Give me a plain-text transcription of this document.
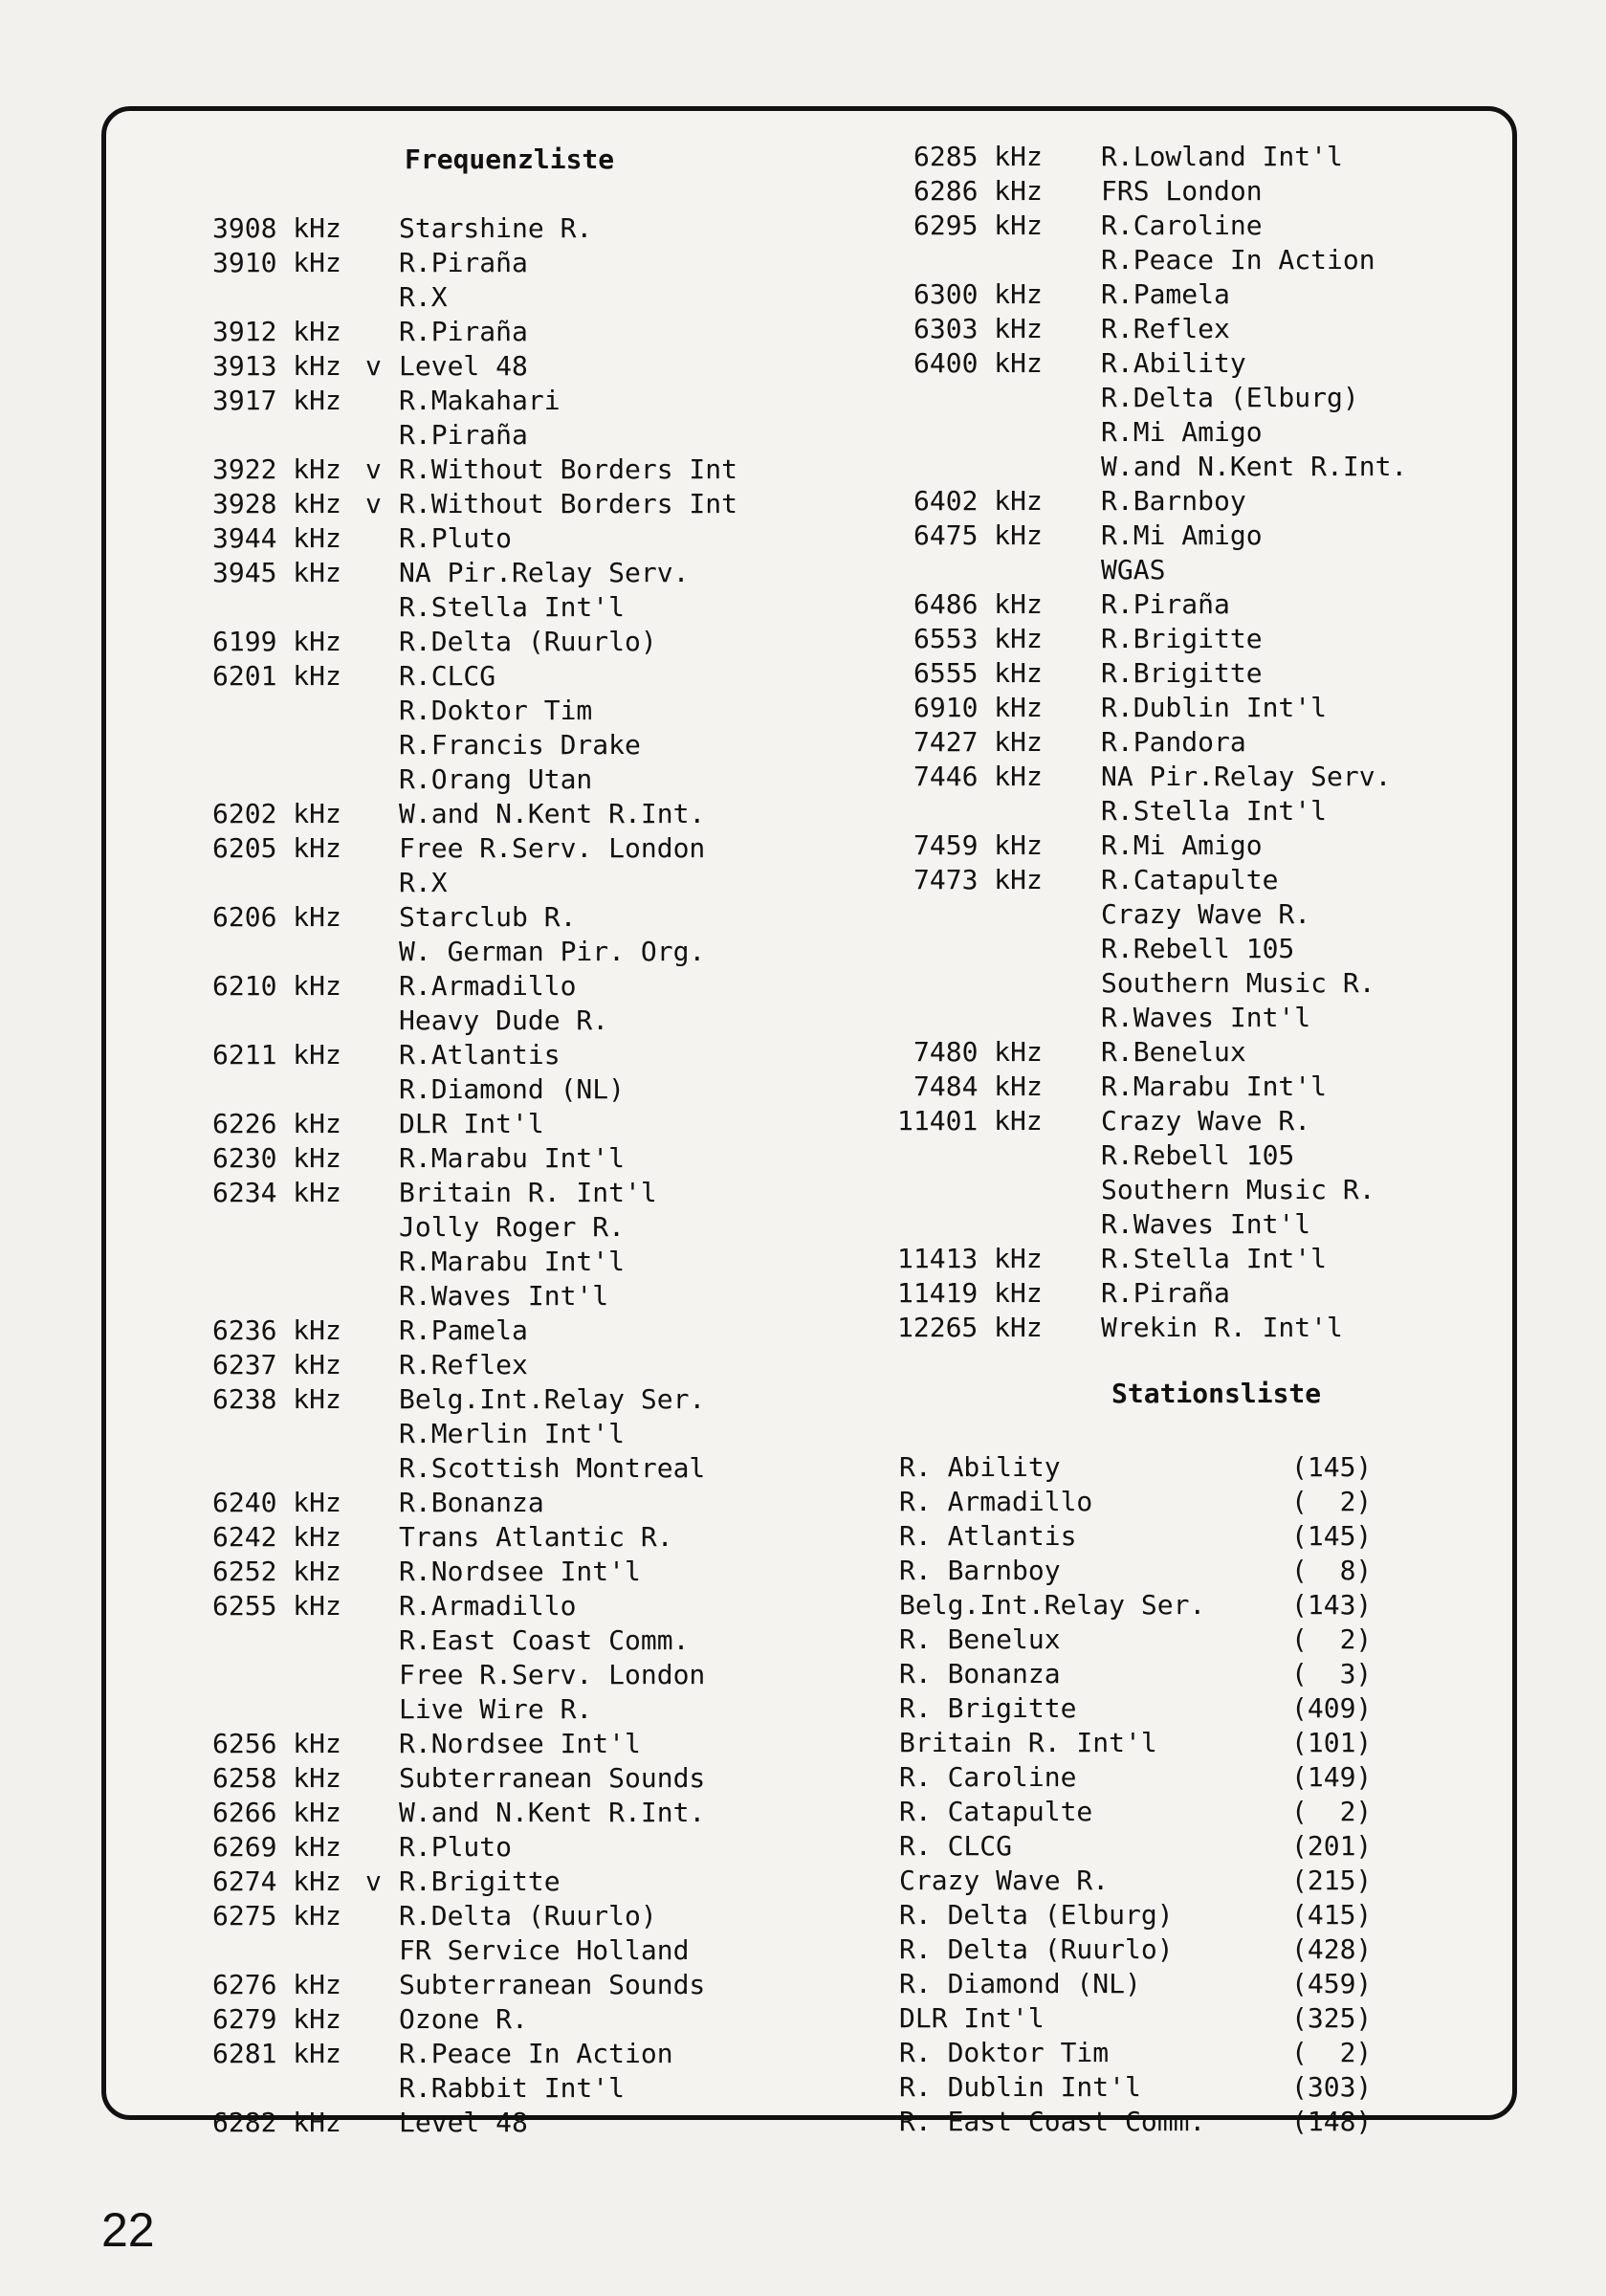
Frequenzliste
Stationsliste
3908 kHz Starshine R.
3910 kHz R.Piraña
R.X
3912 kHz R.Piraña
3913 kHz v Level 48
3917 kHz R.Makahari
R.Piraña
3922 kHz v R.Without Borders Int
3928 kHz v R.Without Borders Int
3944 kHz R.Pluto
3945 kHz NA Pir.Relay Serv.
R.Stella Int'l
6199 kHz R.Delta (Ruurlo)
6201 kHz R.CLCG
R.Doktor Tim
R.Francis Drake
R.Orang Utan
6202 kHz W.and N.Kent R.Int.
6205 kHz Free R.Serv. London
R.X
6206 kHz Starclub R.
W. German Pir. Org.
6210 kHz R.Armadillo
Heavy Dude R.
6211 kHz R.Atlantis
R.Diamond (NL)
6226 kHz DLR Int'l
6230 kHz R.Marabu Int'l
6234 kHz Britain R. Int'l
Jolly Roger R.
R.Marabu Int'l
R.Waves Int'l
6236 kHz R.Pamela
6237 kHz R.Reflex
6238 kHz Belg.Int.Relay Ser.
R.Merlin Int'l
R.Scottish Montreal
6240 kHz R.Bonanza
6242 kHz Trans Atlantic R.
6252 kHz R.Nordsee Int'l
6255 kHz R.Armadillo
R.East Coast Comm.
Free R.Serv. London
Live Wire R.
6256 kHz R.Nordsee Int'l
6258 kHz Subterranean Sounds
6266 kHz W.and N.Kent R.Int.
6269 kHz R.Pluto
6274 kHz v R.Brigitte
6275 kHz R.Delta (Ruurlo)
FR Service Holland
6276 kHz Subterranean Sounds
6279 kHz Ozone R.
6281 kHz R.Peace In Action
R.Rabbit Int'l
6282 kHz Level 48
6285 kHz R.Lowland Int'l
6286 kHz FRS London
6295 kHz R.Caroline
R.Peace In Action
6300 kHz R.Pamela
6303 kHz R.Reflex
6400 kHz R.Ability
R.Delta (Elburg)
R.Mi Amigo
W.and N.Kent R.Int.
6402 kHz R.Barnboy
6475 kHz R.Mi Amigo
WGAS
6486 kHz R.Piraña
6553 kHz R.Brigitte
6555 kHz R.Brigitte
6910 kHz R.Dublin Int'l
7427 kHz R.Pandora
7446 kHz NA Pir.Relay Serv.
R.Stella Int'l
7459 kHz R.Mi Amigo
7473 kHz R.Catapulte
Crazy Wave R.
R.Rebell 105
Southern Music R.
R.Waves Int'l
7480 kHz R.Benelux
7484 kHz R.Marabu Int'l
11401 kHz Crazy Wave R.
R.Rebell 105
Southern Music R.
R.Waves Int'l
11413 kHz R.Stella Int'l
11419 kHz R.Piraña
12265 kHz Wrekin R. Int'l
R. Ability	(145)
R. Armadillo	(  2)
R. Atlantis	(145)
R. Barnboy	(  8)
Belg.Int.Relay Ser.	(143)
R. Benelux	(  2)
R. Bonanza	(  3)
R. Brigitte	(409)
Britain R. Int'l	(101)
R. Caroline	(149)
R. Catapulte	(  2)
R. CLCG	(201)
Crazy Wave R.	(215)
R. Delta (Elburg)	(415)
R. Delta (Ruurlo)	(428)
R. Diamond (NL)	(459)
DLR Int'l	(325)
R. Doktor Tim	(  2)
R. Dublin Int'l	(303)
R. East Coast Comm.	(148)
22
